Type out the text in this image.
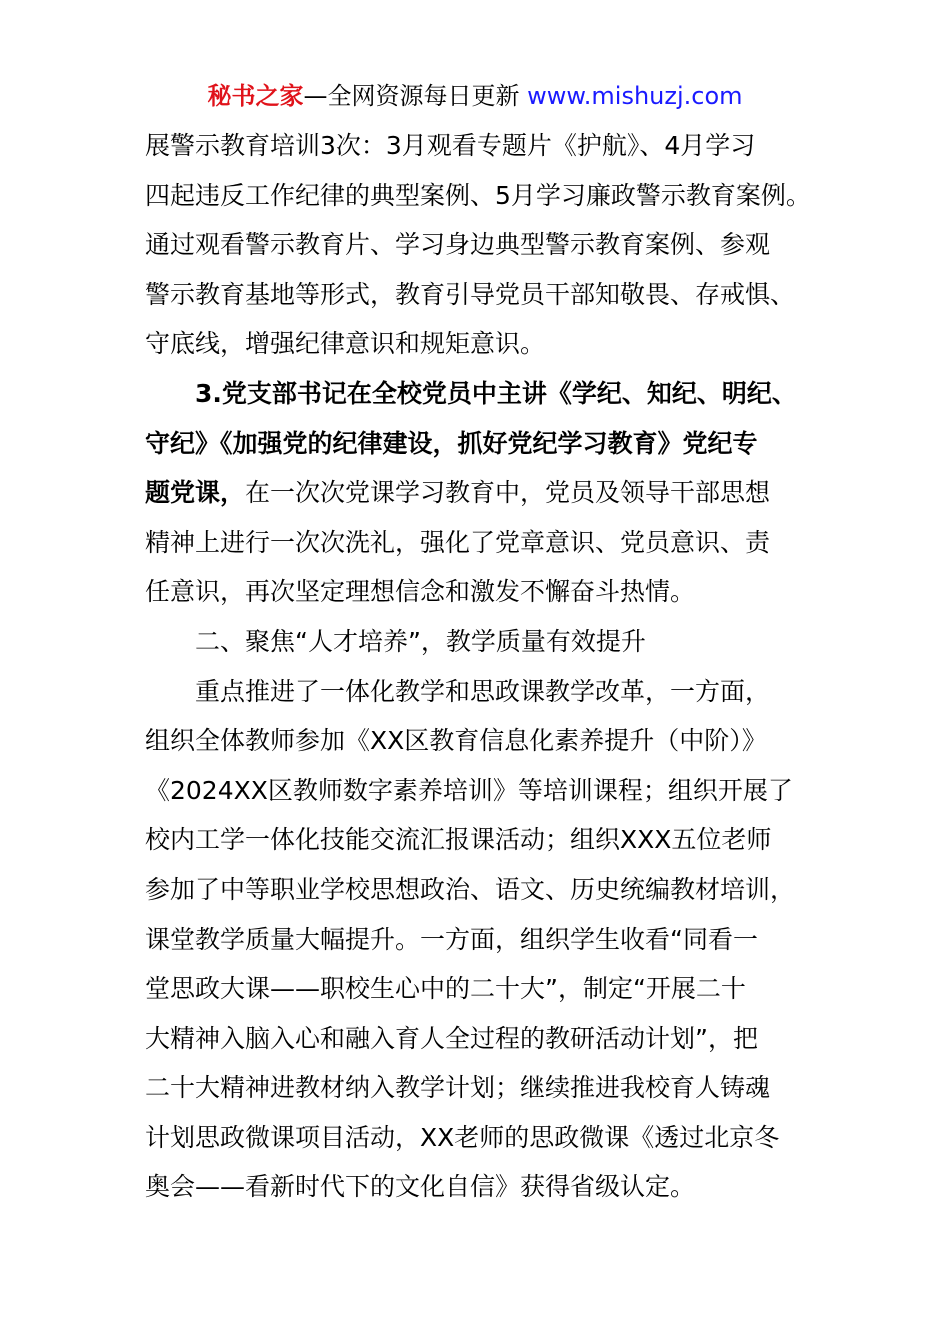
秘书之家—全网资源每日更新 www.mishuzj.com
展警示教育培训3次：3月观看专题片《护航》、4月学习
四起违反工作纪律的典型案例、5月学习廉政警示教育案例。
通过观看警示教育片、学习身边典型警示教育案例、参观
警示教育基地等形式，教育引导党员干部知敬畏、存戒惧、
守底线，增强纪律意识和规矩意识。
3.党支部书记在全校党员中主讲《学纪、知纪、明纪、
守纪》《加强党的纪律建设，抓好党纪学习教育》党纪专
题党课，在一次次党课学习教育中，党员及领导干部思想
精神上进行一次次洗礼，强化了党章意识、党员意识、责
任意识，再次坚定理想信念和激发不懈奋斗热情。
二、聚焦“人才培养”，教学质量有效提升
重点推进了一体化教学和思政课教学改革，一方面，
组织全体教师参加《XX区教育信息化素养提升（中阶）》
《2024XX区教师数字素养培训》等培训课程；组织开展了
校内工学一体化技能交流汇报课活动；组织XXX五位老师
参加了中等职业学校思想政治、语文、历史统编教材培训，
课堂教学质量大幅提升。一方面，组织学生收看“同看一
堂思政大课——职校生心中的二十大”，制定“开展二十
大精神入脑入心和融入育人全过程的教研活动计划”，把
二十大精神进教材纳入教学计划；继续推进我校育人铸魂
计划思政微课项目活动，XX老师的思政微课《透过北京冬
奥会——看新时代下的文化自信》获得省级认定。
